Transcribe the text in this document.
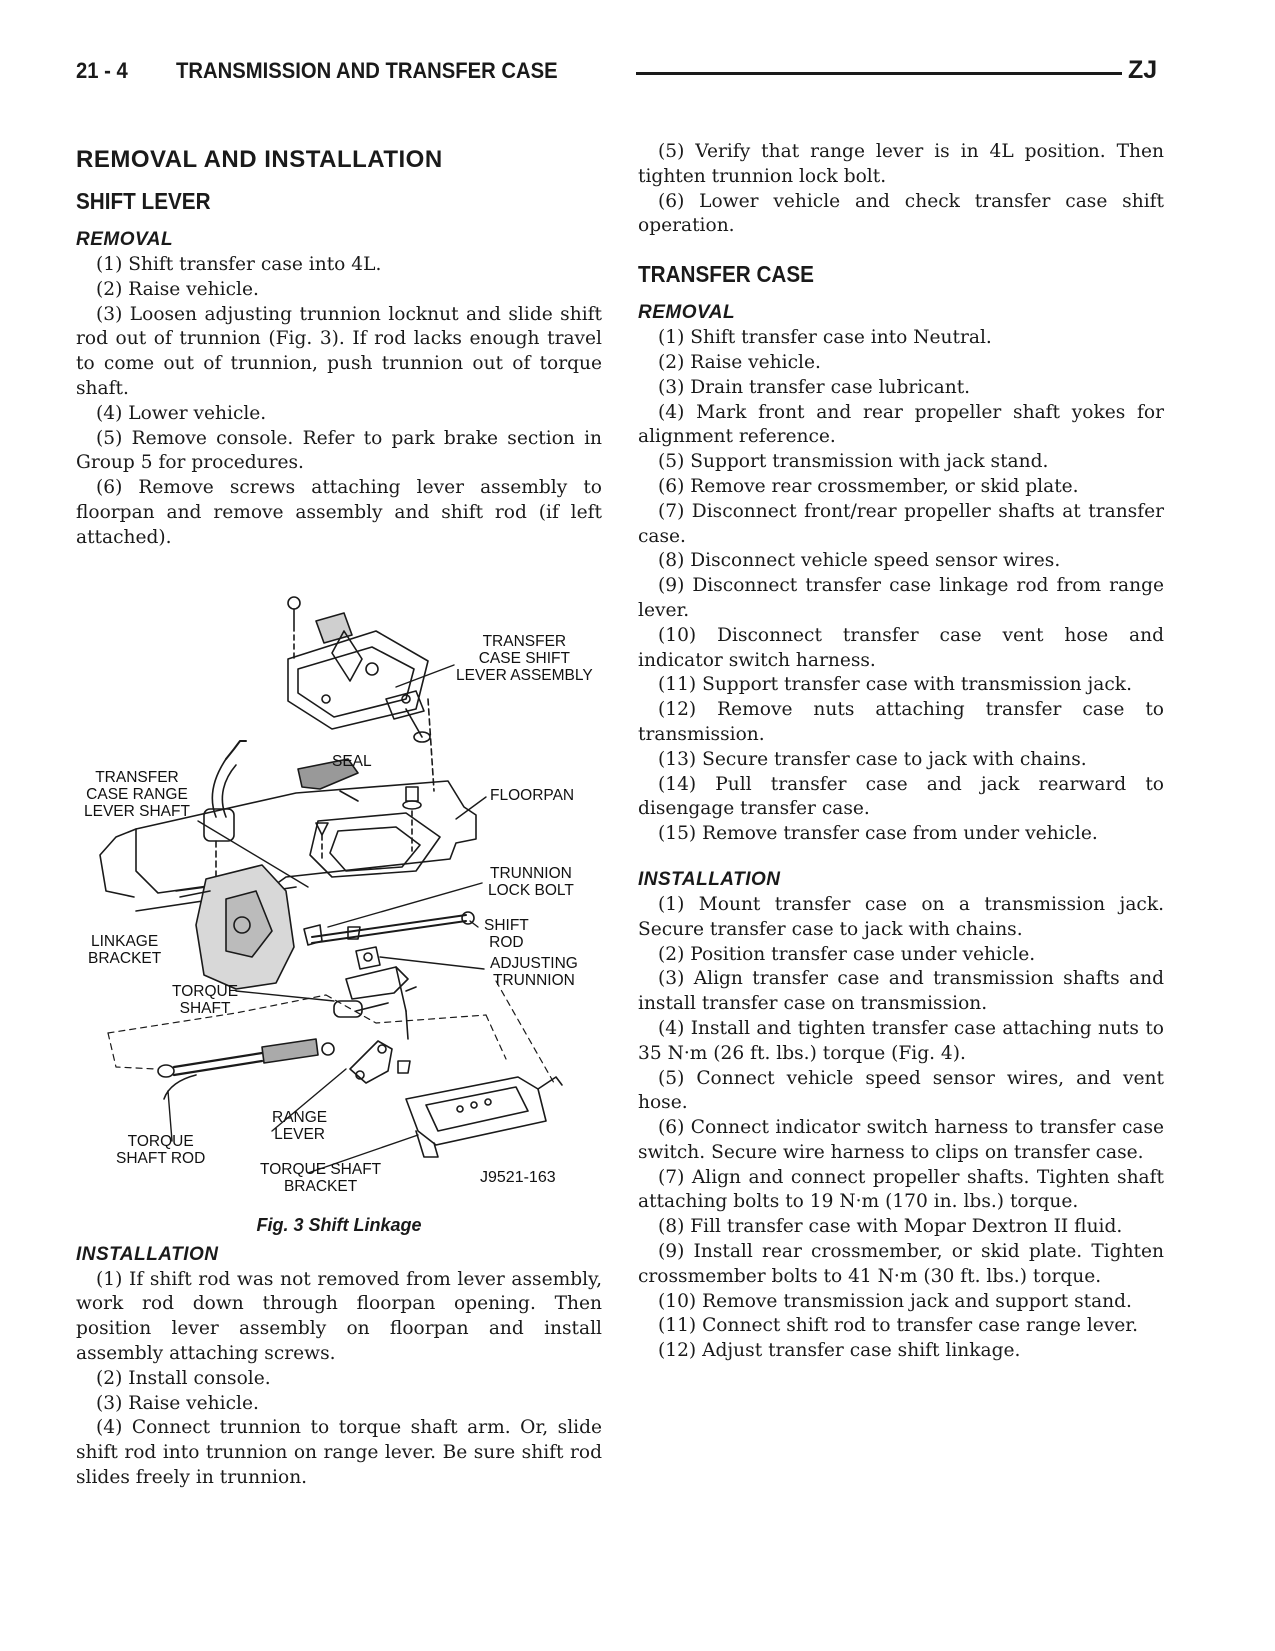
21 - 4 TRANSMISSION AND TRANSFER CASE	ZJ
REMOVAL AND INSTALLATION
SHIFT LEVER
REMOVAL

(1) Shift transfer case into 4L.

(2) Raise vehicle.

(3) Loosen adjusting trunnion locknut and slide shift rod out of trunnion (Fig. 3). If rod lacks enough travel to come out of trunnion, push trunnion out of torque shaft.

(4) Lower vehicle.

(5) Remove console. Refer to park brake section in Group 5 for procedures.

(6) Remove screws attaching lever assembly to floorpan and remove assembly and shift rod (if left attached).

TRANSFER
CASE SHIFT
LEVER ASSEMBLY
SEAL
TRANSFER
CASE RANGE
LEVER SHAFT
FLOORPAN
TRUNNION
LOCK BOLT
SHIFT
ROD
LINKAGE
BRACKET	ADJUSTING
TRUNNION
TORQUE
SHAFT
RANGE
LEVER
TORQUE
SHAFT ROD
TORQUE SHAFT
BRACKET
J9521-163
Fig. 3 Shift Linkage
INSTALLATION

(1) If shift rod was not removed from lever assembly, work rod down through floorpan opening. Then position lever assembly on floorpan and install assembly attaching screws.

(2) Install console.

(3) Raise vehicle.

(4) Connect trunnion to torque shaft arm. Or, slide shift rod into trunnion on range lever. Be sure shift rod slides freely in trunnion.

(5) Verify that range lever is in 4L position. Then tighten trunnion lock bolt.

(6) Lower vehicle and check transfer case shift operation.

TRANSFER CASE
REMOVAL

(1) Shift transfer case into Neutral.

(2) Raise vehicle.

(3) Drain transfer case lubricant.

(4) Mark front and rear propeller shaft yokes for alignment reference.

(5) Support transmission with jack stand.

(6) Remove rear crossmember, or skid plate.

(7) Disconnect front/rear propeller shafts at transfer case.

(8) Disconnect vehicle speed sensor wires.

(9) Disconnect transfer case linkage rod from range lever.

(10) Disconnect transfer case vent hose and indicator switch harness.

(11) Support transfer case with transmission jack.

(12) Remove nuts attaching transfer case to transmission.

(13) Secure transfer case to jack with chains.

(14) Pull transfer case and jack rearward to disengage transfer case.

(15) Remove transfer case from under vehicle.

INSTALLATION

(1) Mount transfer case on a transmission jack. Secure transfer case to jack with chains.

(2) Position transfer case under vehicle.

(3) Align transfer case and transmission shafts and install transfer case on transmission.

(4) Install and tighten transfer case attaching nuts to 35 N·m (26 ft. lbs.) torque (Fig. 4).

(5) Connect vehicle speed sensor wires, and vent hose.

(6) Connect indicator switch harness to transfer case switch. Secure wire harness to clips on transfer case.

(7) Align and connect propeller shafts. Tighten shaft attaching bolts to 19 N·m (170 in. lbs.) torque.

(8) Fill transfer case with Mopar Dextron II fluid.

(9) Install rear crossmember, or skid plate. Tighten crossmember bolts to 41 N·m (30 ft. lbs.) torque.

(10) Remove transmission jack and support stand.

(11) Connect shift rod to transfer case range lever.

(12) Adjust transfer case shift linkage.
